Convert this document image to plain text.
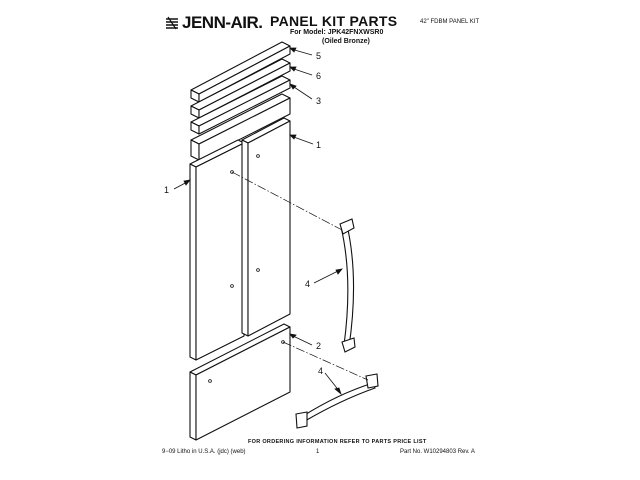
JENN-AIR. PANEL KIT PARTS
For Model: JPK42FNXWSR0
(Oiled Bronze)
42" FDBM PANEL KIT
5
6
3
1
1
4
2
4
FOR ORDERING INFORMATION REFER TO PARTS PRICE LIST
9−09 Litho in U.S.A. (jdc) (web)	1	Part No. W10294803 Rev. A
